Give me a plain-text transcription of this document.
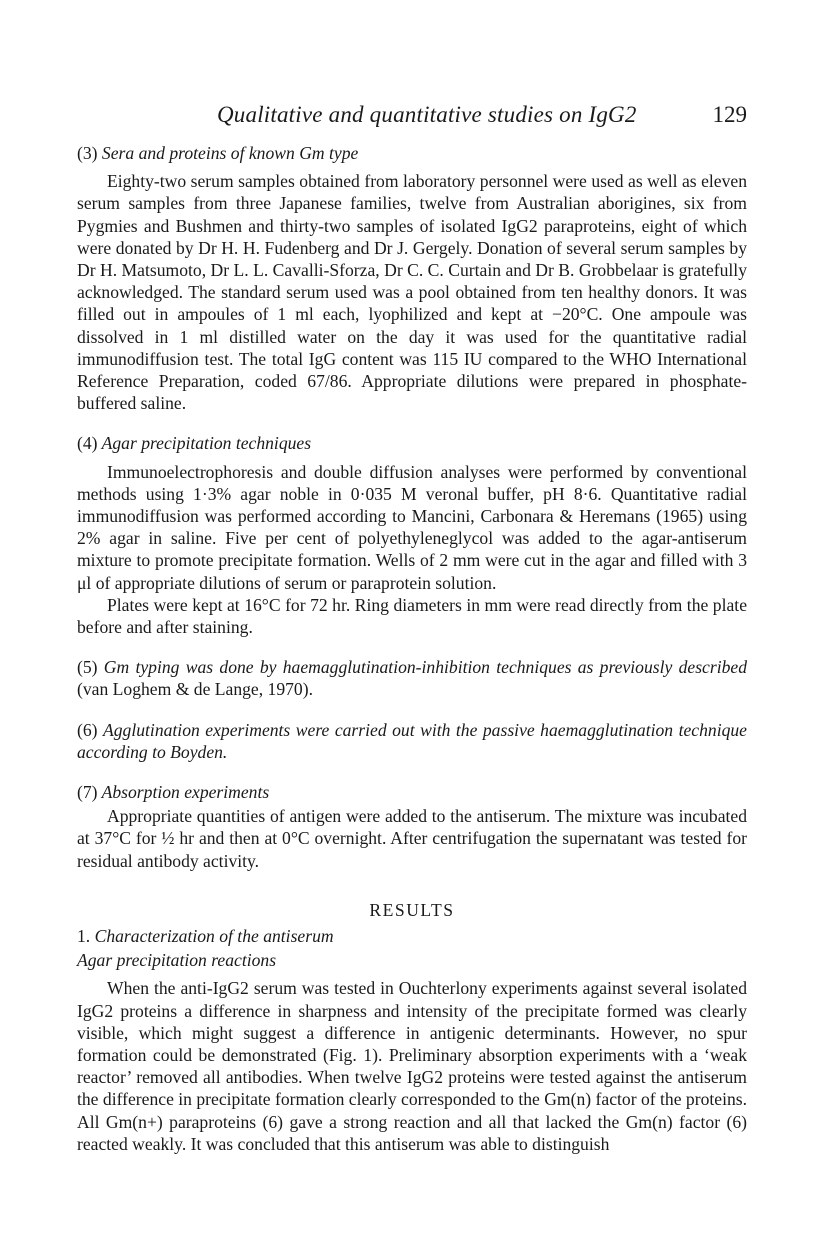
Qualitative and quantitative studies on IgG2	129
(3) Sera and proteins of known Gm type

Eighty-two serum samples obtained from laboratory personnel were used as well as eleven serum samples from three Japanese families, twelve from Australian aborigines, six from Pygmies and Bushmen and thirty-two samples of isolated IgG2 paraproteins, eight of which were donated by Dr H. H. Fudenberg and Dr J. Gergely. Donation of several serum samples by Dr H. Matsumoto, Dr L. L. Cavalli-Sforza, Dr C. C. Curtain and Dr B. Grobbelaar is gratefully acknowledged. The standard serum used was a pool obtained from ten healthy donors. It was filled out in ampoules of 1 ml each, lyophilized and kept at −20°C. One ampoule was dissolved in 1 ml distilled water on the day it was used for the quantitative radial immunodiffusion test. The total IgG content was 115 IU compared to the WHO International Reference Preparation, coded 67/86. Appropriate dilutions were prepared in phosphate-buffered saline.

(4) Agar precipitation techniques

Immunoelectrophoresis and double diffusion analyses were performed by conventional methods using 1·3% agar noble in 0·035 M veronal buffer, pH 8·6. Quantitative radial immunodiffusion was performed according to Mancini, Carbonara & Heremans (1965) using 2% agar in saline. Five per cent of polyethyleneglycol was added to the agar-antiserum mixture to promote precipitate formation. Wells of 2 mm were cut in the agar and filled with 3 μl of appropriate dilutions of serum or paraprotein solution.

Plates were kept at 16°C for 72 hr. Ring diameters in mm were read directly from the plate before and after staining.

(5) Gm typing was done by haemagglutination-inhibition techniques as previously described (van Loghem & de Lange, 1970).

(6) Agglutination experiments were carried out with the passive haemagglutination technique according to Boyden.

(7) Absorption experiments

Appropriate quantities of antigen were added to the antiserum. The mixture was incubated at 37°C for ½ hr and then at 0°C overnight. After centrifugation the supernatant was tested for residual antibody activity.

RESULTS
1. Characterization of the antiserum
Agar precipitation reactions

When the anti-IgG2 serum was tested in Ouchterlony experiments against several isolated IgG2 proteins a difference in sharpness and intensity of the precipitate formed was clearly visible, which might suggest a difference in antigenic determinants. However, no spur formation could be demonstrated (Fig. 1). Preliminary absorption experiments with a ‘weak reactor’ removed all antibodies. When twelve IgG2 proteins were tested against the antiserum the difference in precipitate formation clearly corresponded to the Gm(n) factor of the proteins. All Gm(n+) paraproteins (6) gave a strong reaction and all that lacked the Gm(n) factor (6) reacted weakly. It was concluded that this antiserum was able to distinguish
